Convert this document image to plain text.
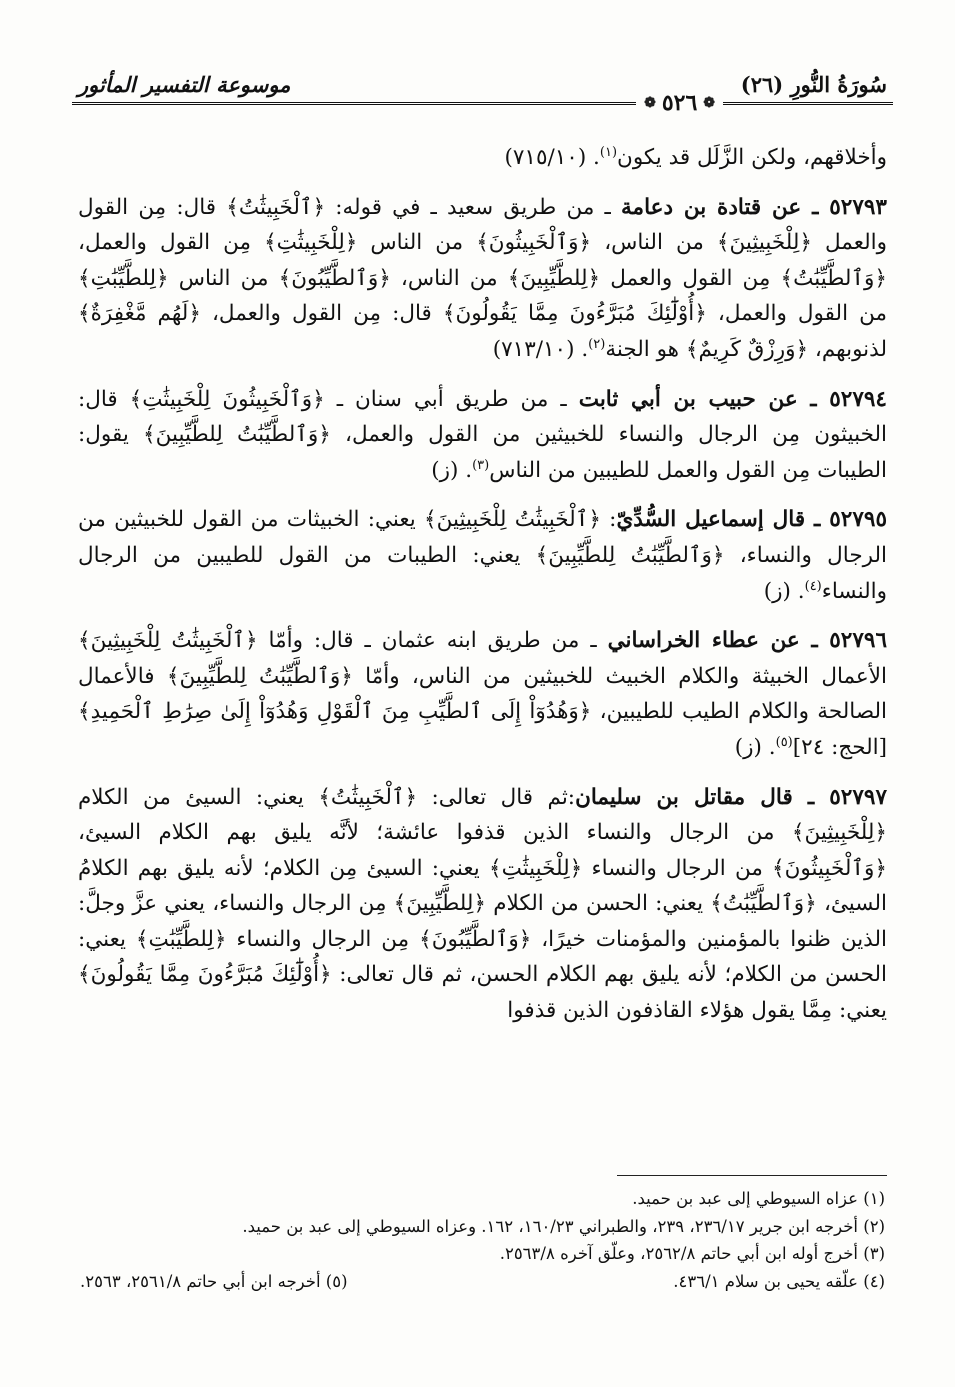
سُورَةُ النُّورِ (٢٦)
موسوعة التفسير المأثور
❁
٥٢٦
❁

وأخلاقهم، ولكن الزَّلَل قد يكون$^{(١)}$. (٧١٥/١٠)

٥٢٧٩٣ ـ عن قتادة بن دعامة ـ من طريق سعيد ـ في قوله: ﴿ٱلْخَبِيثَٰتُ﴾ قال: مِن القول والعمل ﴿لِلْخَبِيثِينَ﴾ من الناس، ﴿وَٱلْخَبِيثُونَ﴾ من الناس ﴿لِلْخَبِيثَٰتِ﴾ مِن القول والعمل، ﴿وَٱلطَّيِّبَٰتُ﴾ مِن القول والعمل ﴿لِلطَّيِّبِينَ﴾ من الناس، ﴿وَٱلطَّيِّبُونَ﴾ من الناس ﴿لِلطَّيِّبَٰتِ﴾ من القول والعمل، ﴿أُوْلَٰٓئِكَ مُبَرَّءُونَ مِمَّا يَقُولُونَ﴾ قال: مِن القول والعمل، ﴿لَهُم مَّغْفِرَةٌ﴾ لذنوبهم، ﴿وَرِزْقٌ كَرِيمٌ﴾ هو الجنة$^{(٢)}$. (٧١٣/١٠)

٥٢٧٩٤ ـ عن حبيب بن أبي ثابت ـ من طريق أبي سنان ـ ﴿وَٱلْخَبِيثُونَ لِلْخَبِيثَٰتِ﴾ قال: الخبيثون مِن الرجال والنساء للخبيثين من القول والعمل، ﴿وَٱلطَّيِّبَٰتُ لِلطَّيِّبِينَ﴾ يقول: الطيبات مِن القول والعمل للطيبين من الناس$^{(٣)}$. (ز)

٥٢٧٩٥ ـ قال إسماعيل السُّدِّيّ: ﴿ٱلْخَبِيثَٰتُ لِلْخَبِيثِينَ﴾ يعني: الخبيثات من القول للخبيثين من الرجال والنساء، ﴿وَٱلطَّيِّبَٰتُ لِلطَّيِّبِينَ﴾ يعني: الطيبات من القول للطيبين من الرجال والنساء$^{(٤)}$. (ز)

٥٢٧٩٦ ـ عن عطاء الخراساني ـ من طريق ابنه عثمان ـ قال: وأمّا ﴿ٱلْخَبِيثَٰتُ لِلْخَبِيثِينَ﴾ الأعمال الخبيثة والكلام الخبيث للخبيثين من الناس، وأمّا ﴿وَٱلطَّيِّبَٰتُ لِلطَّيِّبِينَ﴾ فالأعمال الصالحة والكلام الطيب للطيبين، ﴿وَهُدُوٓاْ إِلَى ٱلطَّيِّبِ مِنَ ٱلْقَوْلِ وَهُدُوٓاْ إِلَىٰ صِرَٰطِ ٱلْحَمِيدِ﴾ [الحج: ٢٤]$^{(٥)}$. (ز)

٥٢٧٩٧ ـ قال مقاتل بن سليمان:ثم قال تعالى: ﴿ٱلْخَبِيثَٰتُ﴾ يعني: السيئ من الكلام ﴿لِلْخَبِيثِينَ﴾ من الرجال والنساء الذين قذفوا عائشة؛ لأنَّه يليق بهم الكلام السيئ، ﴿وَٱلْخَبِيثُونَ﴾ من الرجال والنساء ﴿لِلْخَبِيثَٰتِ﴾ يعني: السيئ مِن الكلام؛ لأنه يليق بهم الكلامُ السيئ، ﴿وَٱلطَّيِّبَٰتُ﴾ يعني: الحسن من الكلام ﴿لِلطَّيِّبِينَ﴾ مِن الرجال والنساء، يعني عزَّ وجلَّ: الذين ظنوا بالمؤمنين والمؤمنات خيرًا، ﴿وَٱلطَّيِّبُونَ﴾ مِن الرجال والنساء ﴿لِلطَّيِّبَٰتِ﴾ يعني: الحسن من الكلام؛ لأنه يليق بهم الكلام الحسن، ثم قال تعالى: ﴿أُوْلَٰٓئِكَ مُبَرَّءُونَ مِمَّا يَقُولُونَ﴾ يعني: مِمَّا يقول هؤلاء القاذفون الذين قذفوا

(١) عزاه السيوطي إلى عبد بن حميد.
(٢) أخرجه ابن جرير ٢٣٦/١٧، ٢٣٩، والطبراني ١٦٠/٢٣، ١٦٢. وعزاه السيوطي إلى عبد بن حميد.
(٣) أخرج أوله ابن أبي حاتم ٢٥٦٢/٨، وعلّق آخره ٢٥٦٣/٨.
(٤) علّقه يحيى بن سلام ٤٣٦/١.
(٥) أخرجه ابن أبي حاتم ٢٥٦١/٨، ٢٥٦٣.
